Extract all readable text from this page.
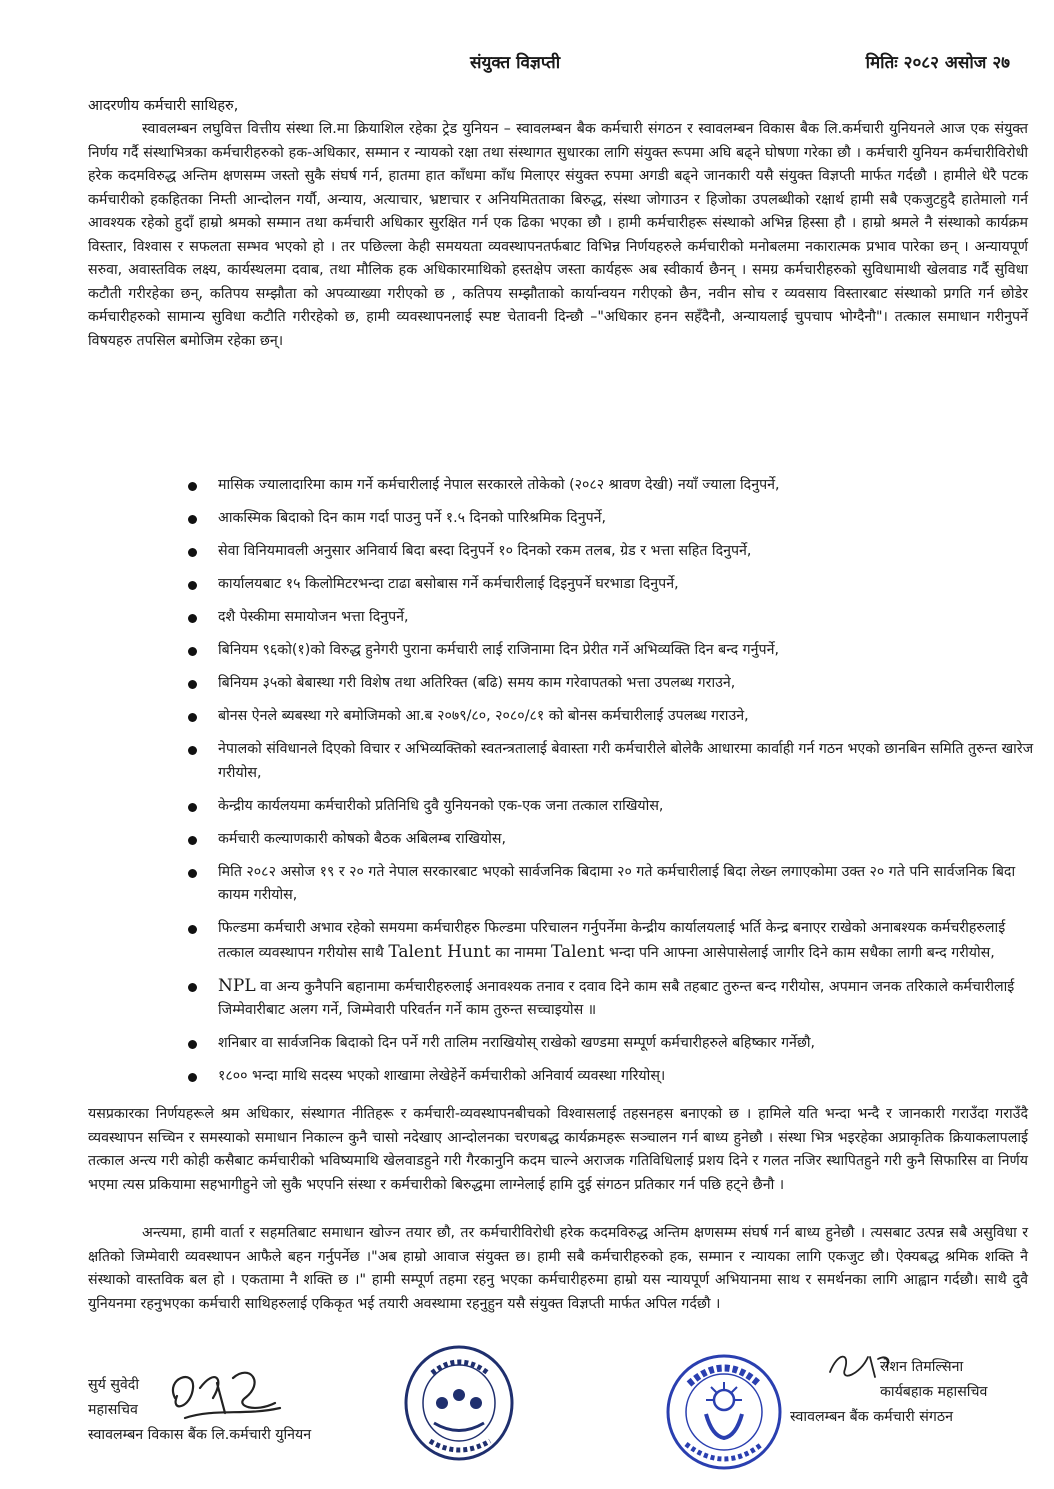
संयुक्त विज्ञप्ती	मितिः २०८२ असोज २७
आदरणीय कर्मचारी साथिहरु,

स्वावलम्बन लघुवित्त वित्तीय संस्था लि.मा क्रियाशिल रहेका ट्रेड युनियन – स्वावलम्बन बैक कर्मचारी संगठन र स्वावलम्बन विकास बैक लि.कर्मचारी युनियनले आज एक संयुक्त निर्णय गर्दै संस्थाभित्रका कर्मचारीहरुको हक-अधिकार, सम्मान र न्यायको रक्षा तथा संस्थागत सुधारका लागि संयुक्त रूपमा अघि बढ्ने घोषणा गरेका छौ । कर्मचारी युनियन कर्मचारीविरोधी हरेक कदमविरुद्ध अन्तिम क्षणसम्म जस्तो सुकै संघर्ष गर्न, हातमा हात काँधमा काँध मिलाएर संयुक्त रुपमा अगडी बढ्ने जानकारी यसै संयुक्त विज्ञप्ती मार्फत गर्दछौ । हामीले धेरै पटक कर्मचारीको हकहितका निम्ती आन्दोलन गर्यौ, अन्याय, अत्याचार, भ्रष्टाचार र अनियमितताका बिरुद्ध, संस्था जोगाउन र हिजोका उपलब्धीको रक्षार्थ हामी सबै एकजुटहुदै हातेमालो गर्न आवश्यक रहेको हुदाँ हाम्रो श्रमको सम्मान तथा कर्मचारी अधिकार सुरक्षित गर्न एक ढिका भएका छौ । हामी कर्मचारीहरू संस्थाको अभिन्न हिस्सा हौ । हाम्रो श्रमले नै संस्थाको कार्यक्रम विस्तार, विश्वास र सफलता सम्भव भएको हो । तर पछिल्ला केही समययता व्यवस्थापनतर्फबाट विभिन्न निर्णयहरुले कर्मचारीको मनोबलमा नकारात्मक प्रभाव पारेका छन् । अन्यायपूर्ण सरुवा, अवास्तविक लक्ष्य, कार्यस्थलमा दवाब, तथा मौलिक हक अधिकारमाथिको हस्तक्षेप जस्ता कार्यहरू अब स्वीकार्य छैनन् । समग्र कर्मचारीहरुको सुविधामाथी खेलवाड गर्दै सुविधा कटौती गरीरहेका छन्, कतिपय सम्झौता को अपव्याख्या गरीएको छ , कतिपय सम्झौताको कार्यान्वयन गरीएको छैन, नवीन सोच र व्यवसाय विस्तारबाट संस्थाको प्रगति गर्न छोडेर कर्मचारीहरुको सामान्य सुविधा कटौति गरीरहेको छ, हामी व्यवस्थापनलाई स्पष्ट चेतावनी दिन्छौ –"अधिकार हनन सहँदैनौ, अन्यायलाई चुपचाप भोग्दैनौ"। तत्काल समाधान गरीनुपर्ने विषयहरु तपसिल बमोजिम रहेका छन्।

मासिक ज्यालादारिमा काम गर्ने कर्मचारीलाई नेपाल सरकारले तोकेको (२०८२ श्रावण देखी) नयाँ ज्याला दिनुपर्ने,
आकस्मिक बिदाको दिन काम गर्दा पाउनु पर्ने १.५ दिनको पारिश्रमिक दिनुपर्ने,
सेवा विनियमावली अनुसार अनिवार्य बिदा बस्दा दिनुपर्ने १० दिनको रकम तलब, ग्रेड र भत्ता सहित दिनुपर्ने,
कार्यालयबाट १५ किलोमिटरभन्दा टाढा बसोबास गर्ने कर्मचारीलाई दिइनुपर्ने घरभाडा दिनुपर्ने,
दशै पेस्कीमा समायोजन भत्ता दिनुपर्ने,
बिनियम ९६को(१)को विरुद्ध हुनेगरी पुराना कर्मचारी लाई राजिनामा दिन प्रेरीत गर्ने अभिव्यक्ति दिन बन्द गर्नुपर्ने,
बिनियम ३५को बेबास्था गरी विशेष तथा अतिरिक्त (बढि) समय काम गरेवापतको भत्ता उपलब्ध गराउने,
बोनस ऐनले ब्यबस्था गरे बमोजिमको आ.ब २०७९/८०, २०८०/८१ को बोनस कर्मचारीलाई उपलब्ध गराउने,
नेपालको संविधानले दिएको विचार र अभिव्यक्तिको स्वतन्त्रतालाई बेवास्ता गरी कर्मचारीले बोलेकै आधारमा कार्वाही गर्न गठन भएको छानबिन समिति तुरुन्त खारेज गरीयोस,
केन्द्रीय कार्यलयमा कर्मचारीको प्रतिनिधि दुवै युनियनको एक-एक जना तत्काल राखियोस,
कर्मचारी कल्याणकारी कोषको बैठक अबिलम्ब राखियोस,
मिति २०८२ असोज १९ र २० गते नेपाल सरकारबाट भएको सार्वजनिक बिदामा २० गते कर्मचारीलाई बिदा लेख्न लगाएकोमा उक्त २० गते पनि सार्वजनिक बिदा कायम गरीयोस,
फिल्डमा कर्मचारी अभाव रहेको समयमा कर्मचारीहरु फिल्डमा परिचालन गर्नुपर्नेमा केन्द्रीय कार्यालयलाई भर्ति केन्द्र बनाएर राखेको अनाबश्यक कर्मचरीहरुलाई तत्काल व्यवस्थापन गरीयोस साथै Talent Hunt का नाममा Talent भन्दा पनि आफ्ना आसेपासेलाई जागीर दिने काम सधैका लागी बन्द गरीयोस,
NPL वा अन्य कुनैपनि बहानामा कर्मचारीहरुलाई अनावश्यक तनाव र दवाव दिने काम सबै तहबाट तुरुन्त बन्द गरीयोस, अपमान जनक तरिकाले कर्मचारीलाई जिम्मेवारीबाट अलग गर्ने, जिम्मेवारी परिवर्तन गर्ने काम तुरुन्त सच्चाइयोस ॥
शनिबार वा सार्वजनिक बिदाको दिन पर्ने गरी तालिम नराखियोस् राखेको खण्डमा सम्पूर्ण कर्मचारीहरुले बहिष्कार गर्नेछौ,
१८०० भन्दा माथि सदस्य भएको शाखामा लेखेहेर्ने कर्मचारीको अनिवार्य व्यवस्था गरियोस्।

यसप्रकारका निर्णयहरूले श्रम अधिकार, संस्थागत नीतिहरू र कर्मचारी-व्यवस्थापनबीचको विश्वासलाई तहसनहस बनाएको छ । हामिले यति भन्दा भन्दै र जानकारी गराउँदा गराउँदै व्यवस्थापन सच्चिन र समस्याको समाधान निकाल्न कुनै चासो नदेखाए आन्दोलनका चरणबद्ध कार्यक्रमहरू सञ्चालन गर्न बाध्य हुनेछौ । संस्था भित्र भइरहेका अप्राकृतिक क्रियाकलापलाई तत्काल अन्त्य गरी कोही कसैबाट कर्मचारीको भविष्यमाथि खेलवाडहुने गरी गैरकानुनि कदम चाल्ने अराजक गतिविधिलाई प्रशय दिने र गलत नजिर स्थापितहुने गरी कुनै सिफारिस वा निर्णय भएमा त्यस प्रकियामा सहभागीहुने जो सुकै भएपनि संस्था र कर्मचारीको बिरुद्धमा लाग्नेलाई हामि दुई संगठन प्रतिकार गर्न पछि हट्ने छैनौ ।

अन्त्यमा, हामी वार्ता र सहमतिबाट समाधान खोज्न तयार छौ, तर कर्मचारीविरोधी हरेक कदमविरुद्ध अन्तिम क्षणसम्म संघर्ष गर्न बाध्य हुनेछौ । त्यसबाट उत्पन्न सबै असुविधा र क्षतिको जिम्मेवारी व्यवस्थापन आफैले बहन गर्नुपर्नेछ ।"अब हाम्रो आवाज संयुक्त छ। हामी सबै कर्मचारीहरुको हक, सम्मान र न्यायका लागि एकजुट छौ। ऐक्यबद्ध श्रमिक शक्ति नै संस्थाको वास्तविक बल हो । एकतामा नै शक्ति छ ।" हामी सम्पूर्ण तहमा रहनु भएका कर्मचारीहरुमा हाम्रो यस न्यायपूर्ण अभियानमा साथ र समर्थनका लागि आह्वान गर्दछौ। साथै दुवै युनियनमा रहनुभएका कर्मचारी साथिहरुलाई एकिकृत भई तयारी अवस्थामा रहनुहुन यसै संयुक्त विज्ञप्ती मार्फत अपिल गर्दछौ ।

सुर्य सुवेदी
महासचिव
स्वावलम्बन विकास बैंक लि.कर्मचारी युनियन
रोशन तिमल्सिना
कार्यबहाक महासचिव
स्वावलम्बन बैंक कर्मचारी संगठन
